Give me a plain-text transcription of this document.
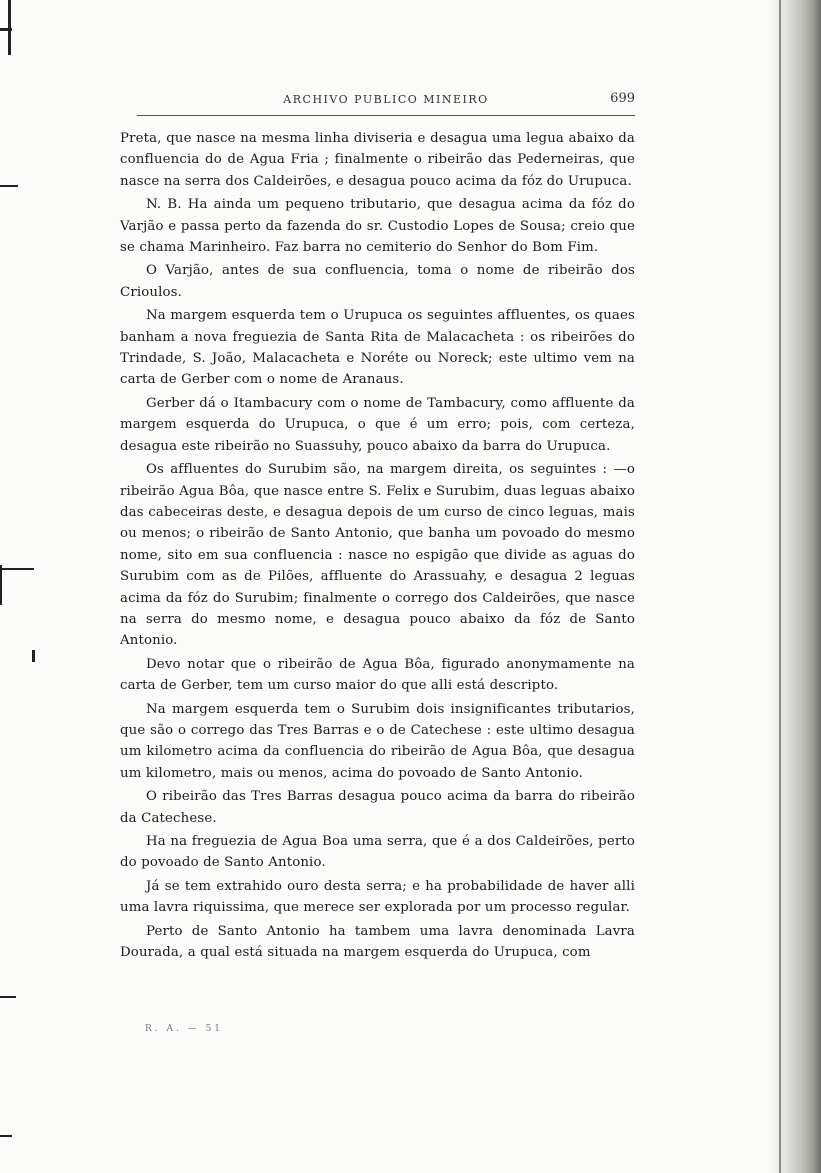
ARCHIVO PUBLICO MINEIRO	699

Preta, que nasce na mesma linha diviseria e desagua uma legua abaixo da confluencia do de Agua Fria ; finalmente o ribeirão das Pederneiras, que nasce na serra dos Caldeirões, e desagua pouco acima da fóz do Urupuca.

N. B. Ha ainda um pequeno tributario, que desagua acima da fóz do Varjão e passa perto da fazenda do sr. Custodio Lopes de Sousa; creio que se chama Marinheiro. Faz barra no cemiterio do Senhor do Bom Fim.

O Varjão, antes de sua confluencia, toma o nome de ribeirão dos Crioulos.

Na margem esquerda tem o Urupuca os seguintes affluentes, os quaes banham a nova freguezia de Santa Rita de Malacacheta : os ribeirões do Trindade, S. João, Malacacheta e Noréte ou Noreck; este ultimo vem na carta de Gerber com o nome de Aranaus.

Gerber dá o Itambacury com o nome de Tambacury, como affluente da margem esquerda do Urupuca, o que é um erro; pois, com certeza, desagua este ribeirão no Suassuhy, pouco abaixo da barra do Urupuca.

Os affluentes do Surubim são, na margem direita, os seguintes : —o ribeirão Agua Bôa, que nasce entre S. Felix e Surubim, duas leguas abaixo das cabeceiras deste, e desagua depois de um curso de cinco leguas, mais ou menos; o ribeirão de Santo Antonio, que banha um povoado do mesmo nome, sito em sua confluencia : nasce no espigão que divide as aguas do Surubim com as de Pilões, affluente do Arassuahy, e desagua 2 leguas acima da fóz do Surubim; finalmente o corrego dos Caldeirões, que nasce na serra do mesmo nome, e desagua pouco abaixo da fóz de Santo Antonio.

Devo notar que o ribeirão de Agua Bôa, figurado anonymamente na carta de Gerber, tem um curso maior do que alli está descripto.

Na margem esquerda tem o Surubim dois insignificantes tributarios, que são o corrego das Tres Barras e o de Catechese : este ultimo desagua um kilometro acima da confluencia do ribeirão de Agua Bôa, que desagua um kilometro, mais ou menos, acima do povoado de Santo Antonio.

O ribeirão das Tres Barras desagua pouco acima da barra do ribeirão da Catechese.

Ha na freguezia de Agua Boa uma serra, que é a dos Caldeirões, perto do povoado de Santo Antonio.

Já se tem extrahido ouro desta serra; e ha probabilidade de haver alli uma lavra riquissima, que merece ser explorada por um processo regular.

Perto de Santo Antonio ha tambem uma lavra denominada Lavra Dourada, a qual está situada na margem esquerda do Urupuca, com

R. A. — 51
